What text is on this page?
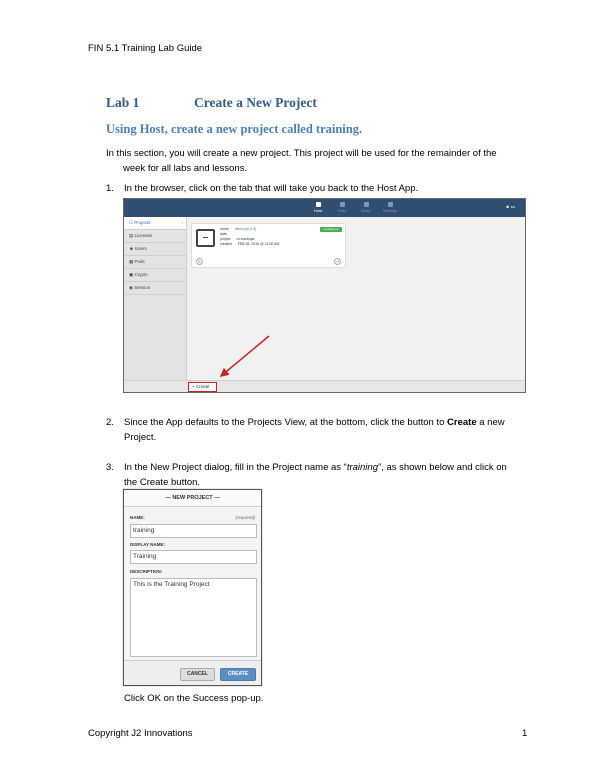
FIN 5.1 Training Lab Guide
Lab 1	Create a New Project
Using Host, create a new project called training.
In this section, you will create a new project. This project will be used for the remainder of the
week for all labs and lessons.
1. In the browser, click on the tab that will take you back to the Host App.
Host	Folio	Docs	Settings
☻ su
☷ Projects	›
▤ Licenses
☻ Users
▦ Pods
▣ Crypto
◉ Session
name demo [v0.0.0]
date
project no backups
created FEB 05, 2018 @ 12:00 AM
running: ok
↻	↗
+ Create
2. Since the App defaults to the Projects View, at the bottom, click the button to Create a new
Project.
3. In the New Project dialog, fill in the Project name as “training”, as shown below and click on
the Create button.
— NEW PROJECT —
NAME:	(required)
training
DISPLAY NAME:
Training
DESCRIPTION:
This is the Training Project
CANCEL	CREATE
Click OK on the Success pop-up.
Copyright J2 Innovations	1
